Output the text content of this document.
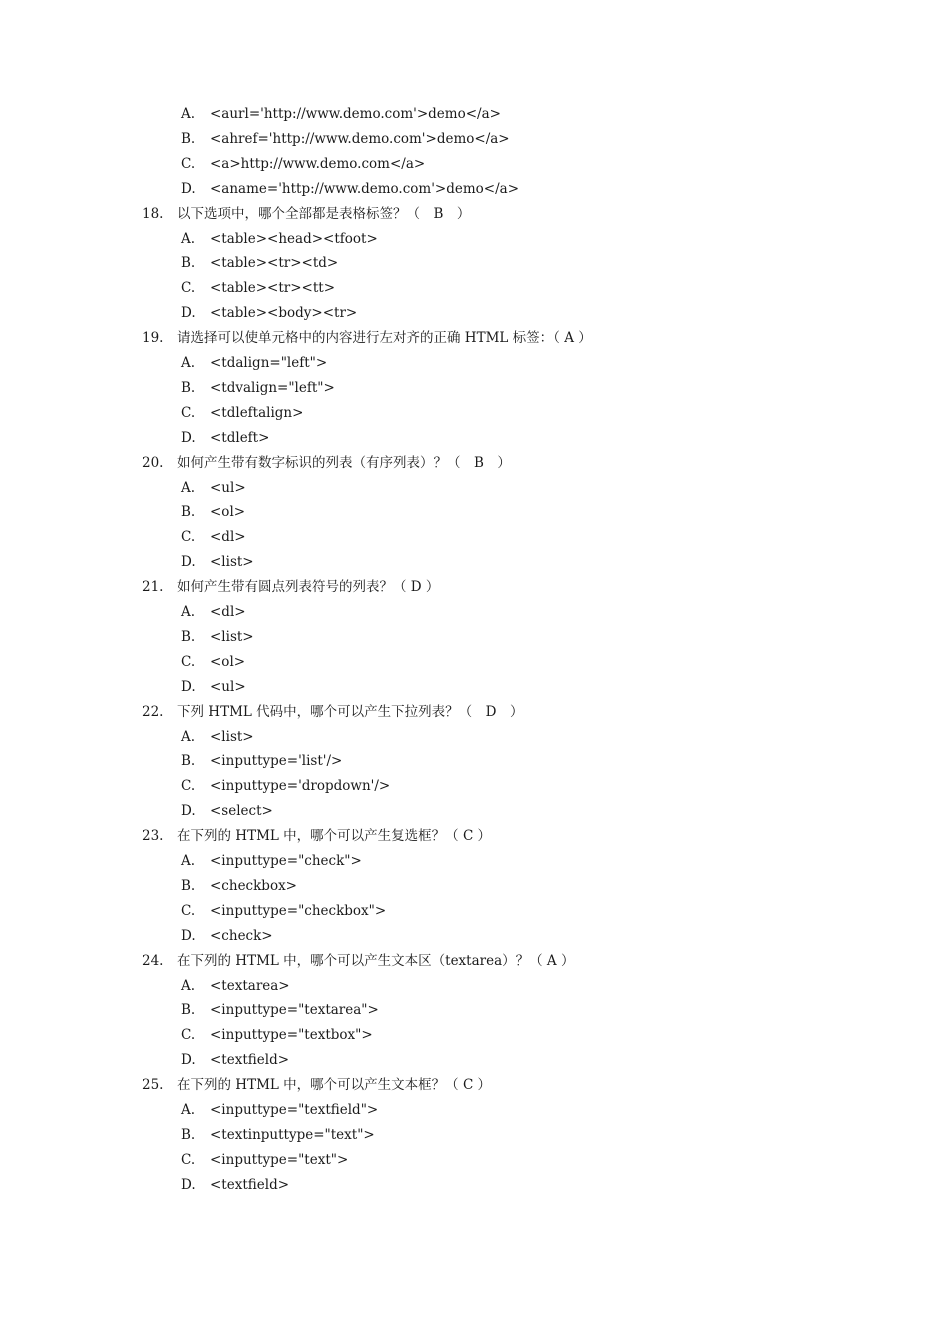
A. <aurl='http://www.demo.com'>demo</a>
B. <ahref='http://www.demo.com'>demo</a>
C. <a>http://www.demo.com</a>
D. <aname='http://www.demo.com'>demo</a>
18. 以下选项中，哪个全部都是表格标签？（　B　）
A. <table><head><tfoot>
B. <table><tr><td>
C. <table><tr><tt>
D. <table><body><tr>
19. 请选择可以使单元格中的内容进行左对齐的正确 HTML 标签：（ A ）
A. <tdalign="left">
B. <tdvalign="left">
C. <tdleftalign>
D. <tdleft>
20. 如何产生带有数字标识的列表（有序列表）？（　B　）
A. <ul>
B. <ol>
C. <dl>
D. <list>
21. 如何产生带有圆点列表符号的列表？（ D ）
A. <dl>
B. <list>
C. <ol>
D. <ul>
22. 下列 HTML 代码中，哪个可以产生下拉列表？（　D　）
A. <list>
B. <inputtype='list'/>
C. <inputtype='dropdown'/>
D. <select>
23. 在下列的 HTML 中，哪个可以产生复选框？（ C ）
A. <inputtype="check">
B. <checkbox>
C. <inputtype="checkbox">
D. <check>
24. 在下列的 HTML 中，哪个可以产生文本区（textarea）？（ A ）
A. <textarea>
B. <inputtype="textarea">
C. <inputtype="textbox">
D. <textfield>
25. 在下列的 HTML 中，哪个可以产生文本框？（ C ）
A. <inputtype="textfield">
B. <textinputtype="text">
C. <inputtype="text">
D. <textfield>
